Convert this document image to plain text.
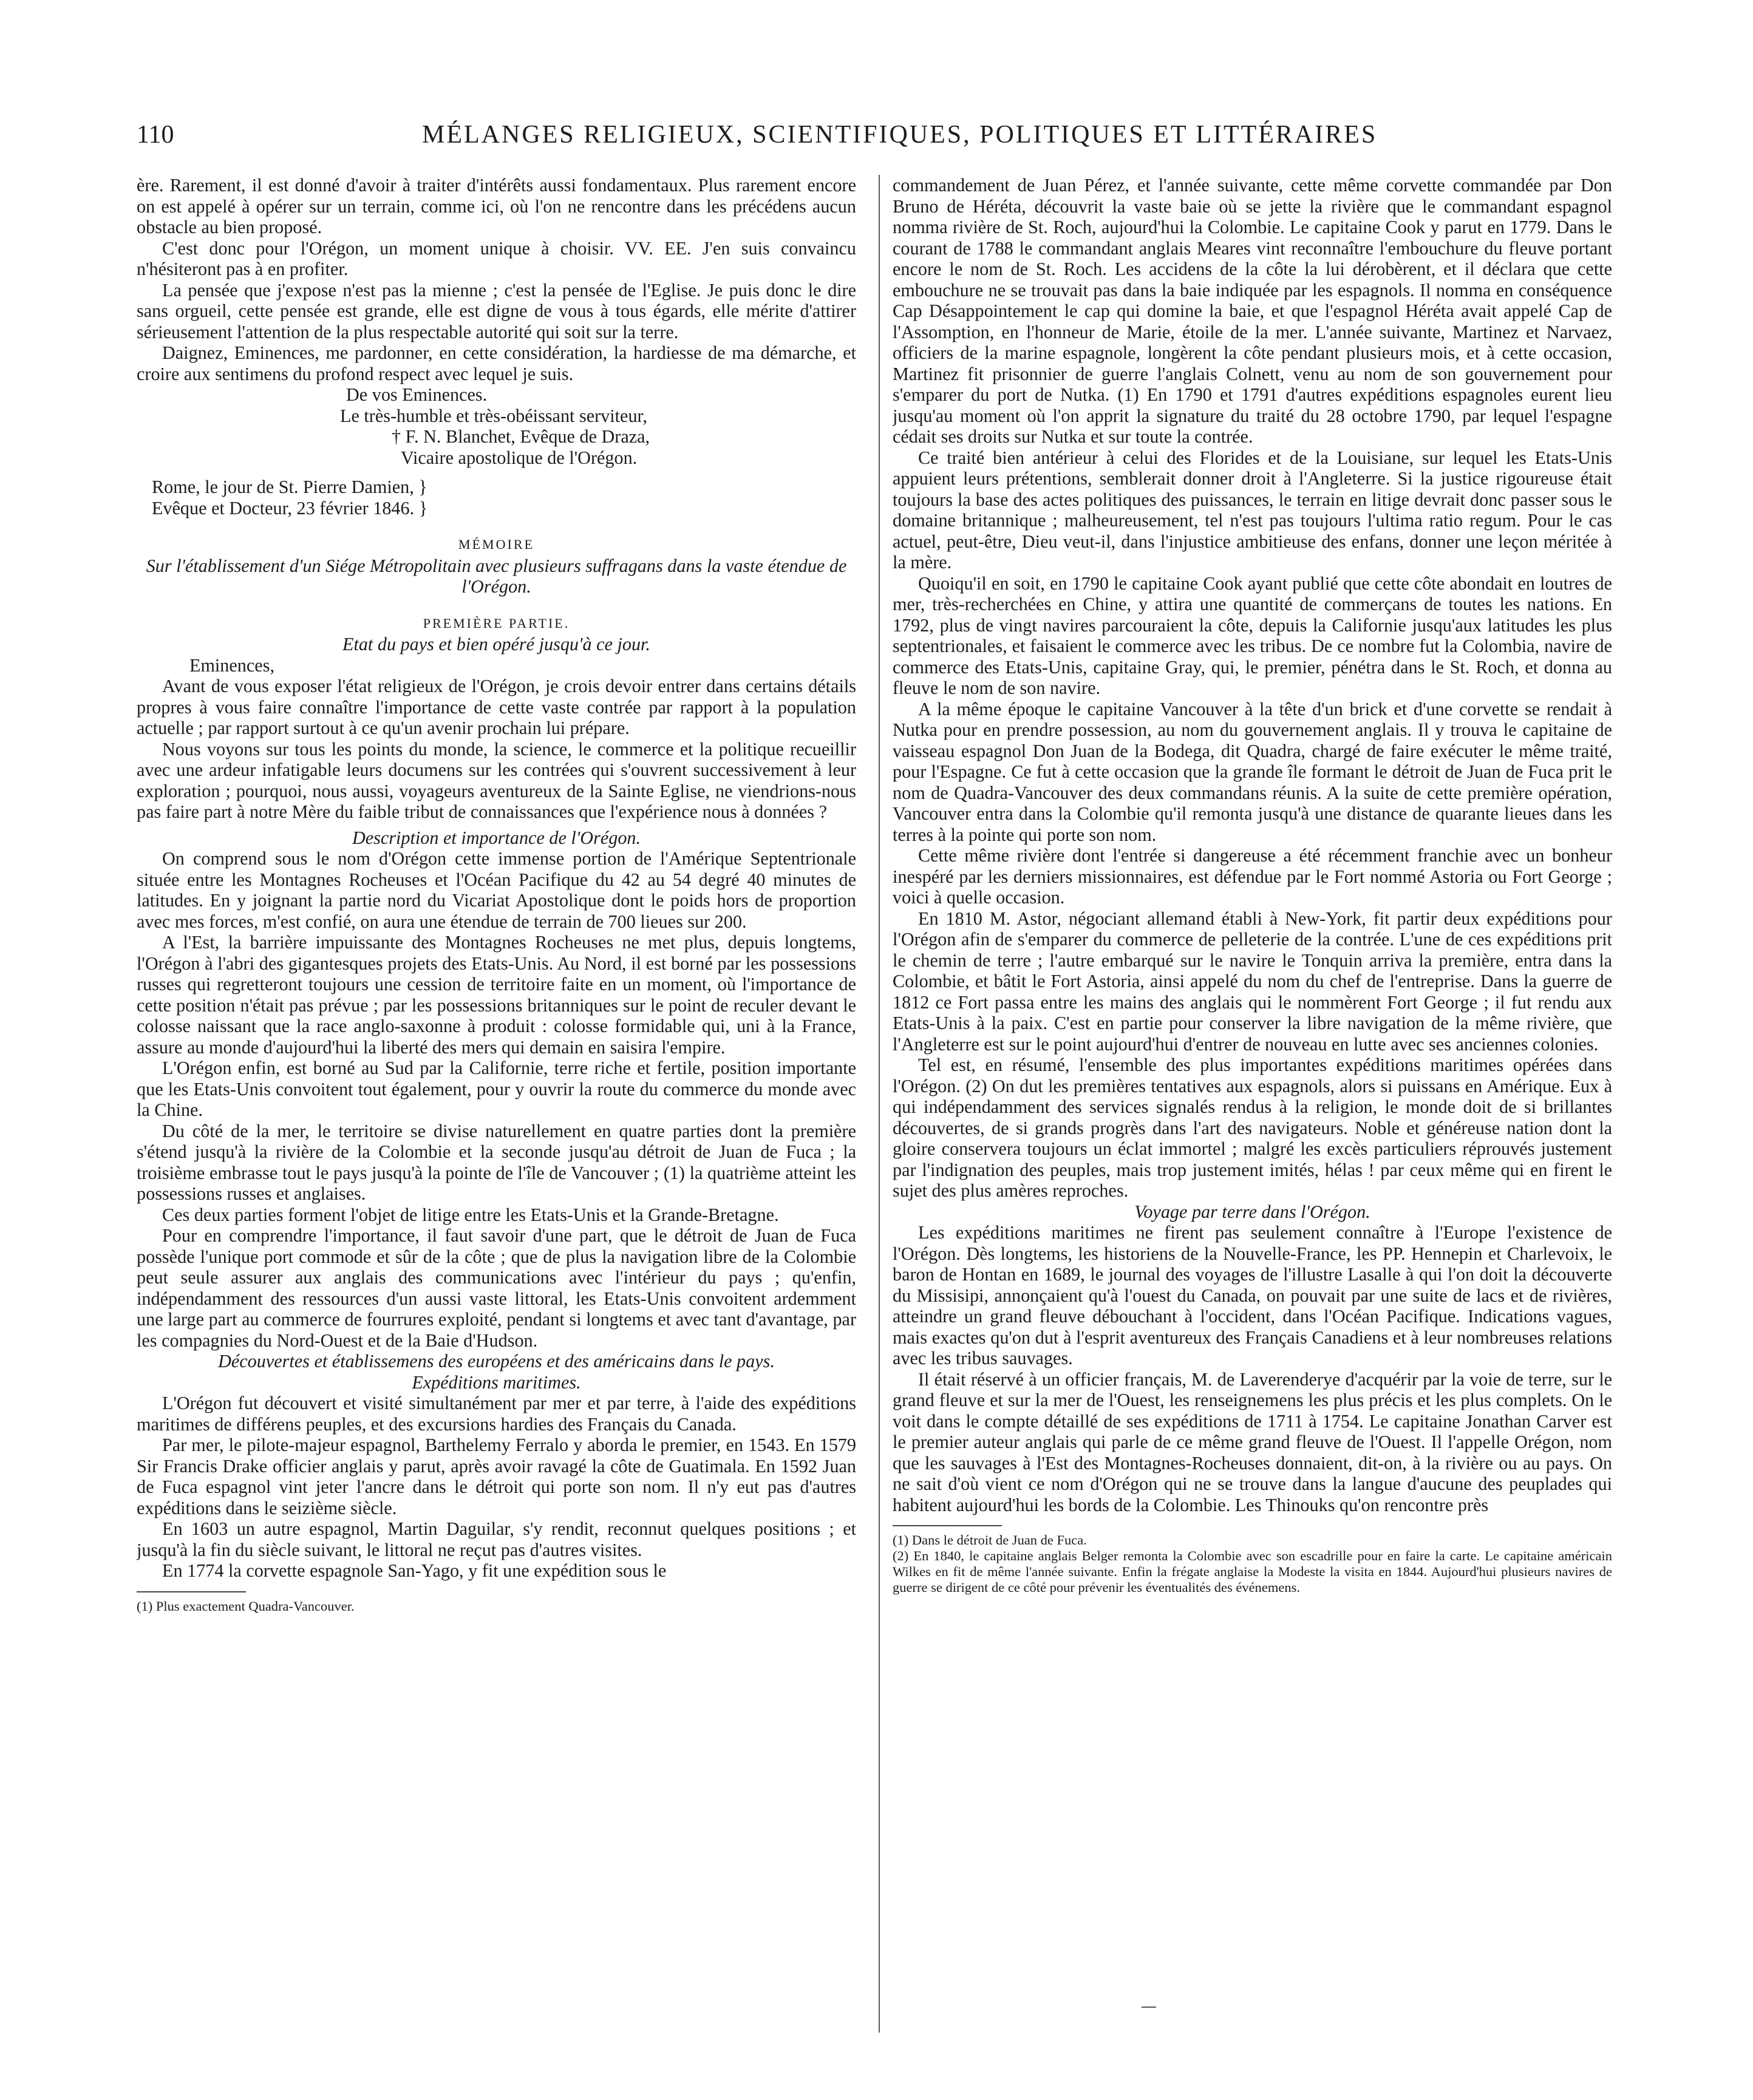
110	MÉLANGES RELIGIEUX, SCIENTIFIQUES, POLITIQUES ET LITTÉRAIRES

ère. Rarement, il est donné d'avoir à traiter d'intérêts aussi fondamentaux. Plus rarement encore on est appelé à opérer sur un terrain, comme ici, où l'on ne rencontre dans les précédens aucun obstacle au bien proposé.

C'est donc pour l'Orégon, un moment unique à choisir. VV. EE. J'en suis convaincu n'hésiteront pas à en profiter.

La pensée que j'expose n'est pas la mienne ; c'est la pensée de l'Eglise. Je puis donc le dire sans orgueil, cette pensée est grande, elle est digne de vous à tous égards, elle mérite d'attirer sérieusement l'attention de la plus respectable autorité qui soit sur la terre.

Daignez, Eminences, me pardonner, en cette considération, la hardiesse de ma démarche, et croire aux sentimens du profond respect avec lequel je suis.

De vos Eminences.

Le très-humble et très-obéissant serviteur,

† F. N. Blanchet, Evêque de Draza,

Vicaire apostolique de l'Orégon.

Rome, le jour de St. Pierre Damien, }

Evêque et Docteur, 23 février 1846. }

MÉMOIRE

Sur l'établissement d'un Siége Métropolitain avec plusieurs suffragans dans la vaste étendue de l'Orégon.

PREMIÈRE PARTIE.

Etat du pays et bien opéré jusqu'à ce jour.

Eminences,

Avant de vous exposer l'état religieux de l'Orégon, je crois devoir entrer dans certains détails propres à vous faire connaître l'importance de cette vaste contrée par rapport à la population actuelle ; par rapport surtout à ce qu'un avenir prochain lui prépare.

Nous voyons sur tous les points du monde, la science, le commerce et la politique recueillir avec une ardeur infatigable leurs documens sur les contrées qui s'ouvrent successivement à leur exploration ; pourquoi, nous aussi, voyageurs aventureux de la Sainte Eglise, ne viendrions-nous pas faire part à notre Mère du faible tribut de connaissances que l'expérience nous à données ?

Description et importance de l'Orégon.

On comprend sous le nom d'Orégon cette immense portion de l'Amérique Septentrionale située entre les Montagnes Rocheuses et l'Océan Pacifique du 42 au 54 degré 40 minutes de latitudes. En y joignant la partie nord du Vicariat Apostolique dont le poids hors de proportion avec mes forces, m'est confié, on aura une étendue de terrain de 700 lieues sur 200.

A l'Est, la barrière impuissante des Montagnes Rocheuses ne met plus, depuis longtems, l'Orégon à l'abri des gigantesques projets des Etats-Unis. Au Nord, il est borné par les possessions russes qui regretteront toujours une cession de territoire faite en un moment, où l'importance de cette position n'était pas prévue ; par les possessions britanniques sur le point de reculer devant le colosse naissant que la race anglo-saxonne à produit : colosse formidable qui, uni à la France, assure au monde d'aujourd'hui la liberté des mers qui demain en saisira l'empire.

L'Orégon enfin, est borné au Sud par la Californie, terre riche et fertile, position importante que les Etats-Unis convoitent tout également, pour y ouvrir la route du commerce du monde avec la Chine.

Du côté de la mer, le territoire se divise naturellement en quatre parties dont la première s'étend jusqu'à la rivière de la Colombie et la seconde jusqu'au détroit de Juan de Fuca ; la troisième embrasse tout le pays jusqu'à la pointe de l'île de Vancouver ; (1) la quatrième atteint les possessions russes et anglaises.

Ces deux parties forment l'objet de litige entre les Etats-Unis et la Grande-Bretagne.

Pour en comprendre l'importance, il faut savoir d'une part, que le détroit de Juan de Fuca possède l'unique port commode et sûr de la côte ; que de plus la navigation libre de la Colombie peut seule assurer aux anglais des communications avec l'intérieur du pays ; qu'enfin, indépendamment des ressources d'un aussi vaste littoral, les Etats-Unis convoitent ardemment une large part au commerce de fourrures exploité, pendant si longtems et avec tant d'avantage, par les compagnies du Nord-Ouest et de la Baie d'Hudson.

Découvertes et établissemens des européens et des américains dans le pays.

Expéditions maritimes.

L'Orégon fut découvert et visité simultanément par mer et par terre, à l'aide des expéditions maritimes de différens peuples, et des excursions hardies des Français du Canada.

Par mer, le pilote-majeur espagnol, Barthelemy Ferralo y aborda le premier, en 1543. En 1579 Sir Francis Drake officier anglais y parut, après avoir ravagé la côte de Guatimala. En 1592 Juan de Fuca espagnol vint jeter l'ancre dans le détroit qui porte son nom. Il n'y eut pas d'autres expéditions dans le seizième siècle.

En 1603 un autre espagnol, Martin Daguilar, s'y rendit, reconnut quelques positions ; et jusqu'à la fin du siècle suivant, le littoral ne reçut pas d'autres visites.

En 1774 la corvette espagnole San-Yago, y fit une expédition sous le

(1) Plus exactement Quadra-Vancouver.

commandement de Juan Pérez, et l'année suivante, cette même corvette commandée par Don Bruno de Héréta, découvrit la vaste baie où se jette la rivière que le commandant espagnol nomma rivière de St. Roch, aujourd'hui la Colombie. Le capitaine Cook y parut en 1779. Dans le courant de 1788 le commandant anglais Meares vint reconnaître l'embouchure du fleuve portant encore le nom de St. Roch. Les accidens de la côte la lui dérobèrent, et il déclara que cette embouchure ne se trouvait pas dans la baie indiquée par les espagnols. Il nomma en conséquence Cap Désappointement le cap qui domine la baie, et que l'espagnol Héréta avait appelé Cap de l'Assomption, en l'honneur de Marie, étoile de la mer. L'année suivante, Martinez et Narvaez, officiers de la marine espagnole, longèrent la côte pendant plusieurs mois, et à cette occasion, Martinez fit prisonnier de guerre l'anglais Colnett, venu au nom de son gouvernement pour s'emparer du port de Nutka. (1) En 1790 et 1791 d'autres expéditions espagnoles eurent lieu jusqu'au moment où l'on apprit la signature du traité du 28 octobre 1790, par lequel l'espagne cédait ses droits sur Nutka et sur toute la contrée.

Ce traité bien antérieur à celui des Florides et de la Louisiane, sur lequel les Etats-Unis appuient leurs prétentions, semblerait donner droit à l'Angleterre. Si la justice rigoureuse était toujours la base des actes politiques des puissances, le terrain en litige devrait donc passer sous le domaine britannique ; malheureusement, tel n'est pas toujours l'ultima ratio regum. Pour le cas actuel, peut-être, Dieu veut-il, dans l'injustice ambitieuse des enfans, donner une leçon méritée à la mère.

Quoiqu'il en soit, en 1790 le capitaine Cook ayant publié que cette côte abondait en loutres de mer, très-recherchées en Chine, y attira une quantité de commerçans de toutes les nations. En 1792, plus de vingt navires parcouraient la côte, depuis la Californie jusqu'aux latitudes les plus septentrionales, et faisaient le commerce avec les tribus. De ce nombre fut la Colombia, navire de commerce des Etats-Unis, capitaine Gray, qui, le premier, pénétra dans le St. Roch, et donna au fleuve le nom de son navire.

A la même époque le capitaine Vancouver à la tête d'un brick et d'une corvette se rendait à Nutka pour en prendre possession, au nom du gouvernement anglais. Il y trouva le capitaine de vaisseau espagnol Don Juan de la Bodega, dit Quadra, chargé de faire exécuter le même traité, pour l'Espagne. Ce fut à cette occasion que la grande île formant le détroit de Juan de Fuca prit le nom de Quadra-Vancouver des deux commandans réunis. A la suite de cette première opération, Vancouver entra dans la Colombie qu'il remonta jusqu'à une distance de quarante lieues dans les terres à la pointe qui porte son nom.

Cette même rivière dont l'entrée si dangereuse a été récemment franchie avec un bonheur inespéré par les derniers missionnaires, est défendue par le Fort nommé Astoria ou Fort George ; voici à quelle occasion.

En 1810 M. Astor, négociant allemand établi à New-York, fit partir deux expéditions pour l'Orégon afin de s'emparer du commerce de pelleterie de la contrée. L'une de ces expéditions prit le chemin de terre ; l'autre embarqué sur le navire le Tonquin arriva la première, entra dans la Colombie, et bâtit le Fort Astoria, ainsi appelé du nom du chef de l'entreprise. Dans la guerre de 1812 ce Fort passa entre les mains des anglais qui le nommèrent Fort George ; il fut rendu aux Etats-Unis à la paix. C'est en partie pour conserver la libre navigation de la même rivière, que l'Angleterre est sur le point aujourd'hui d'entrer de nouveau en lutte avec ses anciennes colonies.

Tel est, en résumé, l'ensemble des plus importantes expéditions maritimes opérées dans l'Orégon. (2) On dut les premières tentatives aux espagnols, alors si puissans en Amérique. Eux à qui indépendamment des services signalés rendus à la religion, le monde doit de si brillantes découvertes, de si grands progrès dans l'art des navigateurs. Noble et généreuse nation dont la gloire conservera toujours un éclat immortel ; malgré les excès particuliers réprouvés justement par l'indignation des peuples, mais trop justement imités, hélas ! par ceux même qui en firent le sujet des plus amères reproches.

Voyage par terre dans l'Orégon.

Les expéditions maritimes ne firent pas seulement connaître à l'Europe l'existence de l'Orégon. Dès longtems, les historiens de la Nouvelle-France, les PP. Hennepin et Charlevoix, le baron de Hontan en 1689, le journal des voyages de l'illustre Lasalle à qui l'on doit la découverte du Missisipi, annonçaient qu'à l'ouest du Canada, on pouvait par une suite de lacs et de rivières, atteindre un grand fleuve débouchant à l'occident, dans l'Océan Pacifique. Indications vagues, mais exactes qu'on dut à l'esprit aventureux des Français Canadiens et à leur nombreuses relations avec les tribus sauvages.

Il était réservé à un officier français, M. de Laverenderye d'acquérir par la voie de terre, sur le grand fleuve et sur la mer de l'Ouest, les renseignemens les plus précis et les plus complets. On le voit dans le compte détaillé de ses expéditions de 1711 à 1754. Le capitaine Jonathan Carver est le premier auteur anglais qui parle de ce même grand fleuve de l'Ouest. Il l'appelle Orégon, nom que les sauvages à l'Est des Montagnes-Rocheuses donnaient, dit-on, à la rivière ou au pays. On ne sait d'où vient ce nom d'Orégon qui ne se trouve dans la langue d'aucune des peuplades qui habitent aujourd'hui les bords de la Colombie. Les Thinouks qu'on rencontre près

(1) Dans le détroit de Juan de Fuca.

(2) En 1840, le capitaine anglais Belger remonta la Colombie avec son escadrille pour en faire la carte. Le capitaine américain Wilkes en fit de même l'année suivante. Enfin la frégate anglaise la Modeste la visita en 1844. Aujourd'hui plusieurs navires de guerre se dirigent de ce côté pour prévenir les éventualités des événemens.
